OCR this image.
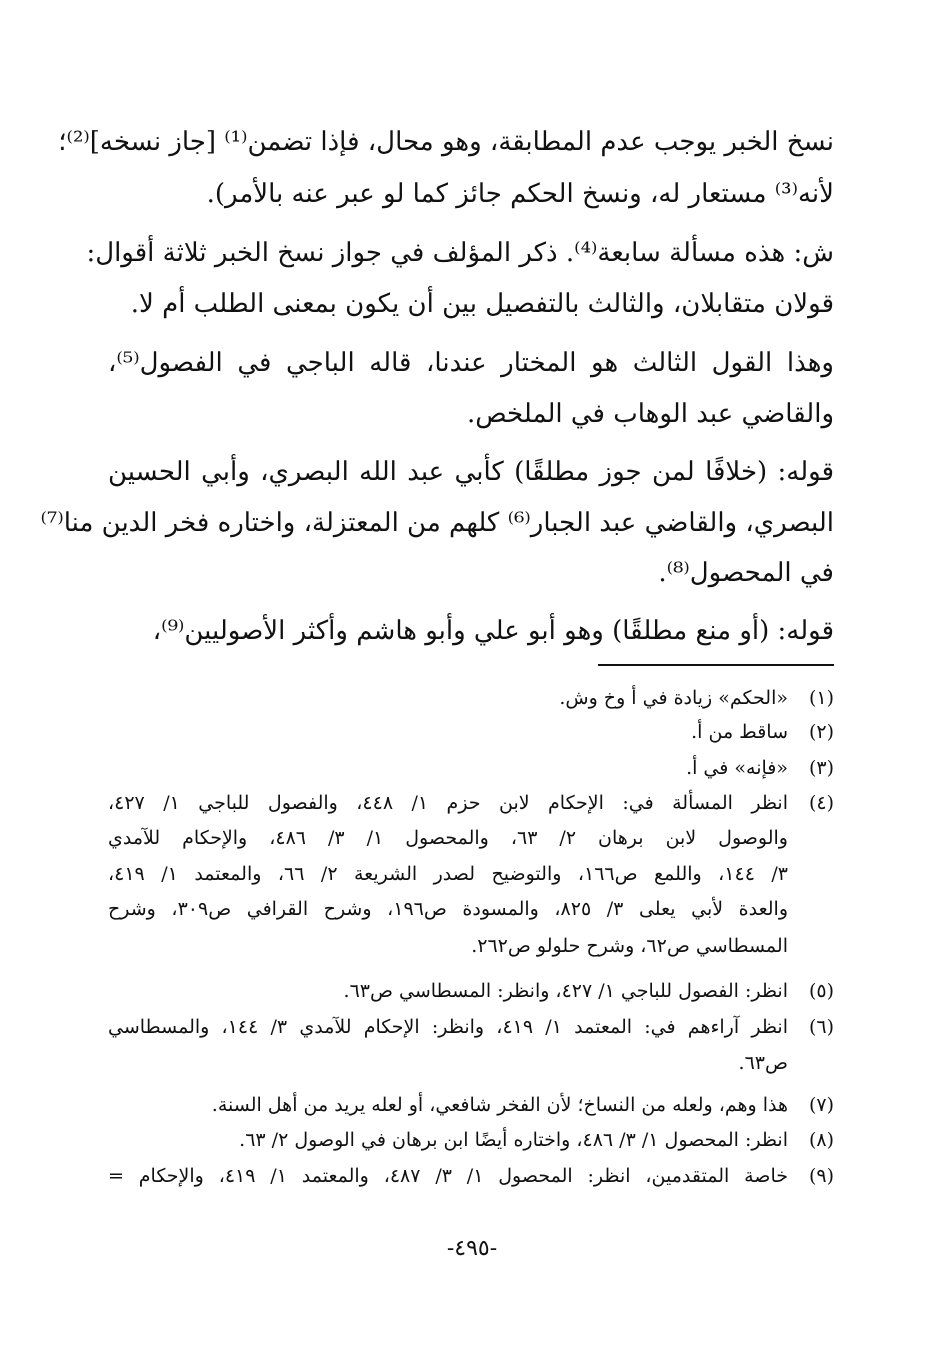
نسخ الخبر يوجب عدم المطابقة، وهو محال، فإذا تضمن⁽¹⁾ [جاز نسخه]⁽²⁾؛
لأنه⁽³⁾ مستعار له، ونسخ الحكم جائز كما لو عبر عنه بالأمر).
ش: هذه مسألة سابعة⁽⁴⁾. ذكر المؤلف في جواز نسخ الخبر ثلاثة أقوال:
قولان متقابلان، والثالث بالتفصيل بين أن يكون بمعنى الطلب أم لا.
وهذا القول الثالث هو المختار عندنا، قاله الباجي في الفصول⁽⁵⁾،
والقاضي عبد الوهاب في الملخص.
قوله: (خلافًا لمن جوز مطلقًا) كأبي عبد الله البصري، وأبي الحسين
البصري، والقاضي عبد الجبار⁽⁶⁾ كلهم من المعتزلة، واختاره فخر الدين منا⁽⁷⁾
في المحصول⁽⁸⁾.
قوله: (أو منع مطلقًا) وهو أبو علي وأبو هاشم وأكثر الأصوليين⁽⁹⁾،
(١)
«الحكم» زيادة في أ وخ وش.
(٢)
ساقط من أ.
(٣)
«فإنه» في أ.
(٤)
انظر المسألة في: الإحكام لابن حزم ١/ ٤٤٨، والفصول للباجي ١/ ٤٢٧،
والوصول لابن برهان ٢/ ٦٣، والمحصول ١/ ٣/ ٤٨٦، والإحكام للآمدي
٣/ ١٤٤، واللمع ص١٦٦، والتوضيح لصدر الشريعة ٢/ ٦٦، والمعتمد ١/ ٤١٩،
والعدة لأبي يعلى ٣/ ٨٢٥، والمسودة ص١٩٦، وشرح القرافي ص٣٠٩، وشرح
المسطاسي ص٦٢، وشرح حلولو ص٢٦٢.
(٥)
انظر: الفصول للباجي ١/ ٤٢٧، وانظر: المسطاسي ص٦٣.
(٦)
انظر آراءهم في: المعتمد ١/ ٤١٩، وانظر: الإحكام للآمدي ٣/ ١٤٤، والمسطاسي
ص٦٣.
(٧)
هذا وهم، ولعله من النساخ؛ لأن الفخر شافعي، أو لعله يريد من أهل السنة.
(٨)
انظر: المحصول ١/ ٣/ ٤٨٦، واختاره أيضًا ابن برهان في الوصول ٢/ ٦٣.
(٩)
خاصة المتقدمين، انظر: المحصول ١/ ٣/ ٤٨٧، والمعتمد ١/ ٤١٩، والإحكام =
-٤٩٥-
